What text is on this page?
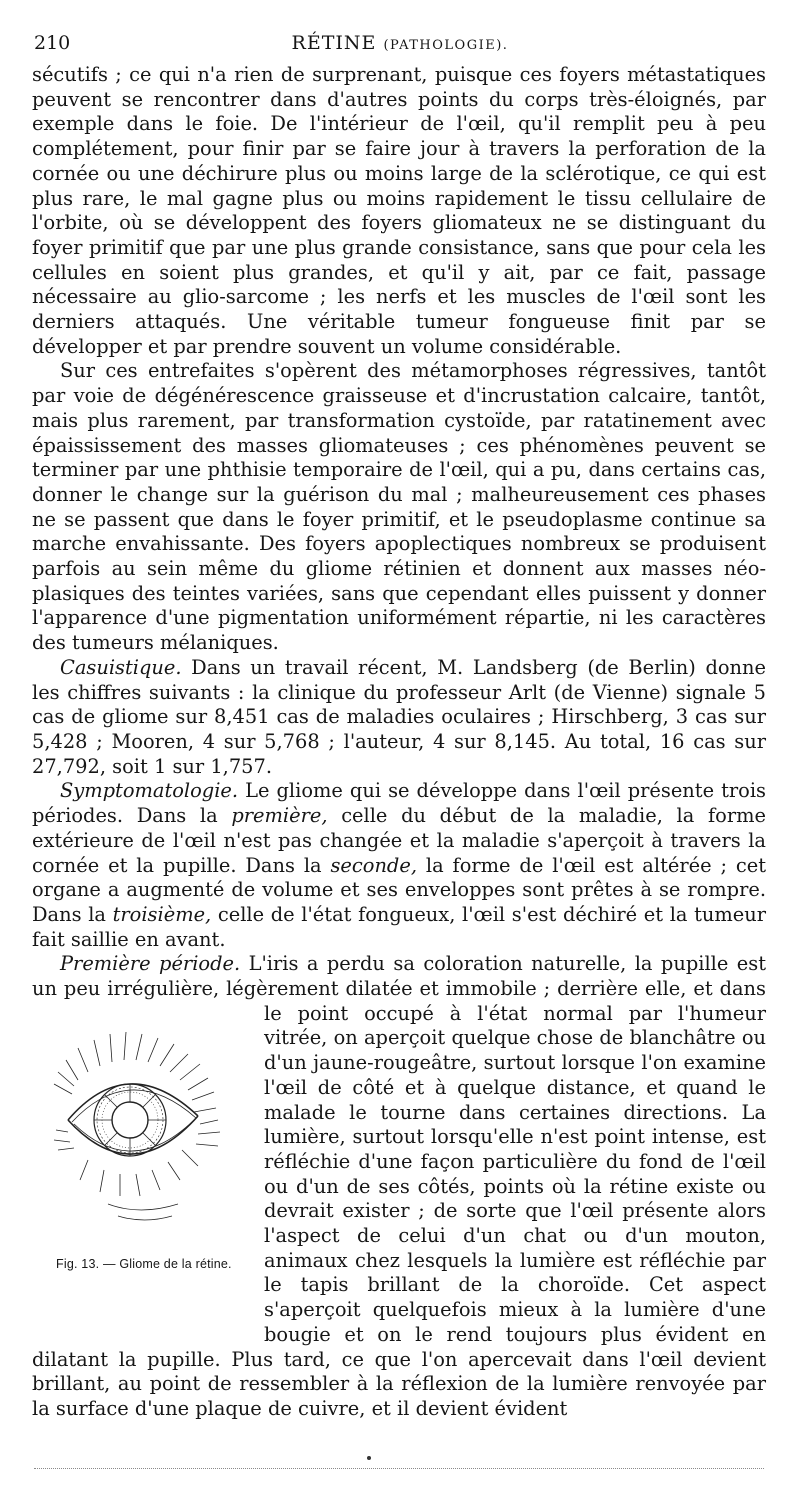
210	RÉTINE (PATHOLOGIE).

sécutifs ; ce qui n'a rien de surprenant, puisque ces foyers métastatiques peuvent se rencontrer dans d'autres points du corps très-éloignés, par exemple dans le foie. De l'intérieur de l'œil, qu'il remplit peu à peu complétement, pour finir par se faire jour à travers la perforation de la cornée ou une déchirure plus ou moins large de la sclérotique, ce qui est plus rare, le mal gagne plus ou moins rapidement le tissu cellulaire de l'orbite, où se développent des foyers gliomateux ne se distinguant du foyer primitif que par une plus grande consistance, sans que pour cela les cellules en soient plus grandes, et qu'il y ait, par ce fait, passage nécessaire au glio-sarcome ; les nerfs et les muscles de l'œil sont les derniers attaqués. Une véritable tumeur fongueuse finit par se développer et par prendre souvent un volume considérable.

Sur ces entrefaites s'opèrent des métamorphoses régressives, tantôt par voie de dégénérescence graisseuse et d'incrustation calcaire, tantôt, mais plus rarement, par transformation cystoïde, par ratatinement avec épaississement des masses gliomateuses ; ces phénomènes peuvent se terminer par une phthisie temporaire de l'œil, qui a pu, dans certains cas, donner le change sur la guérison du mal ; malheureusement ces phases ne se passent que dans le foyer primitif, et le pseudoplasme continue sa marche envahissante. Des foyers apoplectiques nombreux se produisent parfois au sein même du gliome rétinien et donnent aux masses néoplasiques des teintes variées, sans que cependant elles puissent y donner l'apparence d'une pigmentation uniformément répartie, ni les caractères des tumeurs mélaniques.

Casuistique. Dans un travail récent, M. Landsberg (de Berlin) donne les chiffres suivants : la clinique du professeur Arlt (de Vienne) signale 5 cas de gliome sur 8,451 cas de maladies oculaires ; Hirschberg, 3 cas sur 5,428 ; Mooren, 4 sur 5,768 ; l'auteur, 4 sur 8,145. Au total, 16 cas sur 27,792, soit 1 sur 1,757.

Symptomatologie. Le gliome qui se développe dans l'œil présente trois périodes. Dans la première, celle du début de la maladie, la forme extérieure de l'œil n'est pas changée et la maladie s'aperçoit à travers la cornée et la pupille. Dans la seconde, la forme de l'œil est altérée ; cet organe a augmenté de volume et ses enveloppes sont prêtes à se rompre. Dans la troisième, celle de l'état fongueux, l'œil s'est déchiré et la tumeur fait saillie en avant.

Première période. L'iris a perdu sa coloration naturelle, la pupille est un peu irrégulière, légèrement dilatée et immobile ; derrière elle, et dans le point
Fig. 13. — Gliome de la rétine.
occupé à l'état normal par l'humeur vitrée, on aperçoit quelque chose de blanchâtre ou d'un jaune-rougeâtre, surtout lorsque l'on examine l'œil de côté et à quelque distance, et quand le malade le tourne dans certaines directions. La lumière, surtout lorsqu'elle n'est point intense, est réfléchie d'une façon particulière du fond de l'œil ou d'un de ses côtés, points où la rétine existe ou devrait exister ; de sorte que l'œil présente alors l'aspect de celui d'un chat ou d'un mouton, animaux chez lesquels la lumière est réfléchie par le tapis brillant de la choroïde. Cet aspect s'aperçoit quelquefois mieux à la lumière d'une bougie et on le rend toujours plus évident en dilatant la pupille. Plus tard, ce que l'on apercevait dans l'œil devient brillant, au point de ressembler à la réflexion de la lumière renvoyée par la surface d'une plaque de cuivre, et il devient évident
